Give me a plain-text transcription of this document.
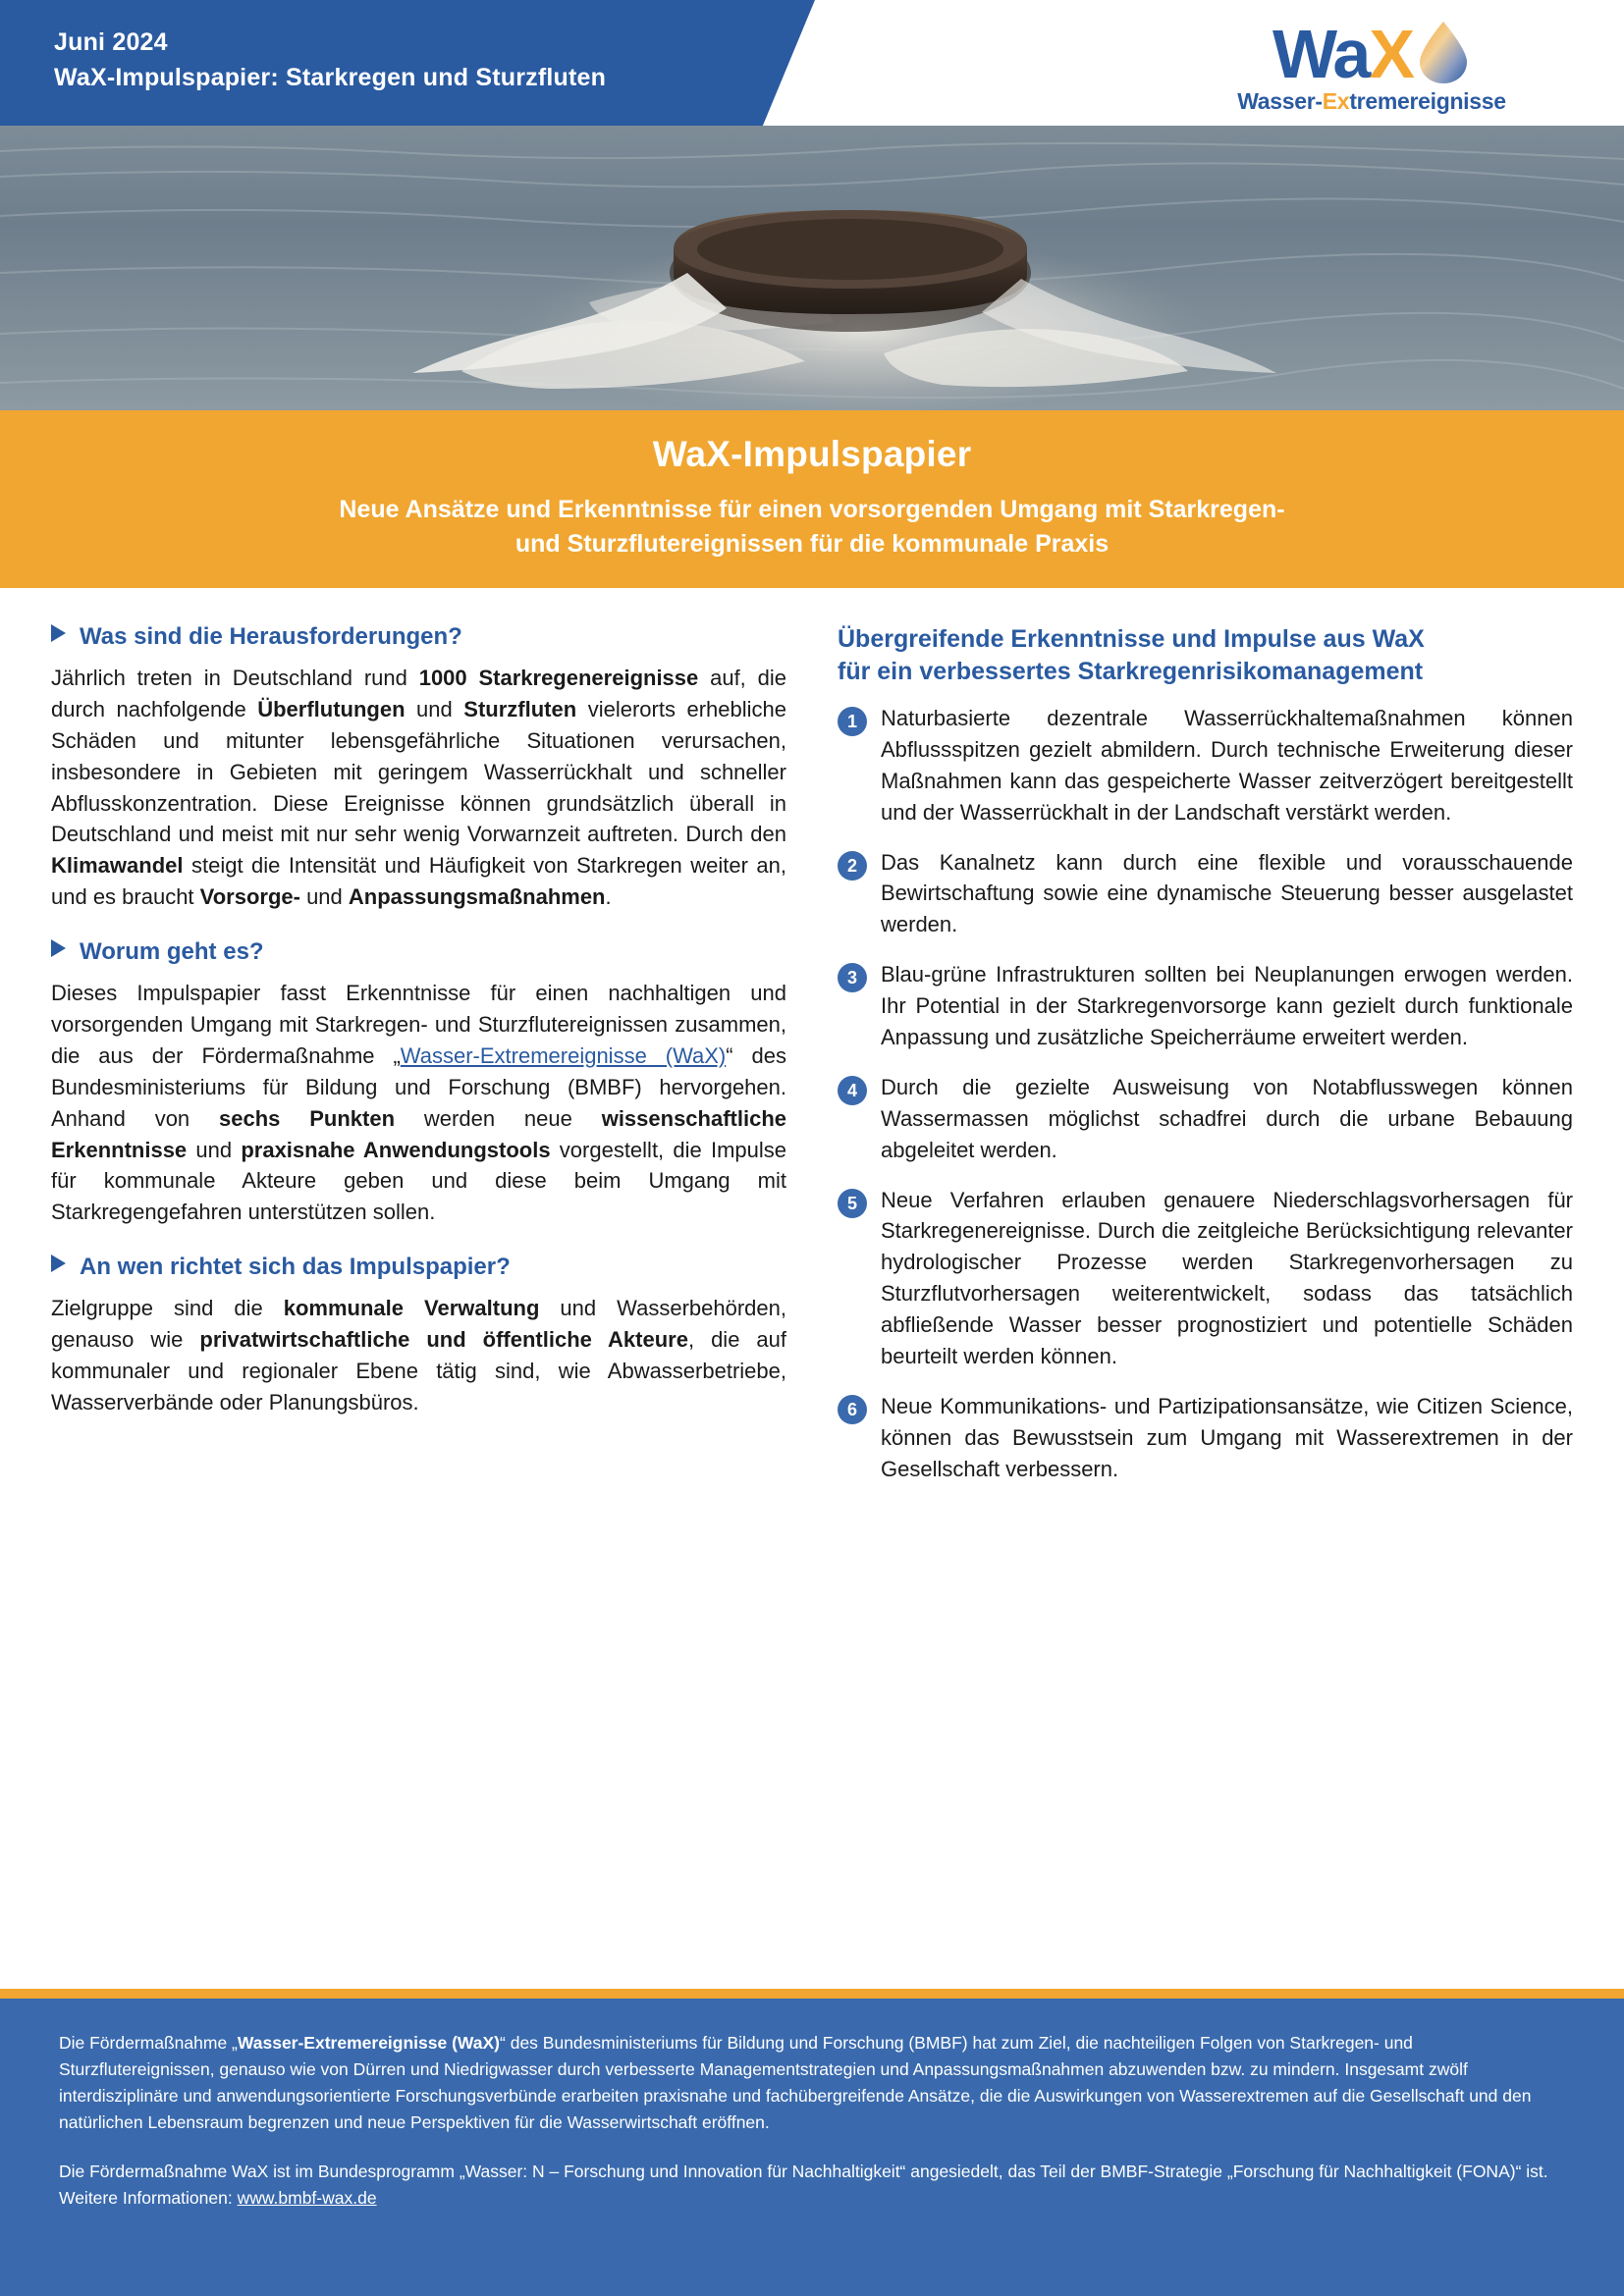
Juni 2024
WaX-Impulspapier: Starkregen und Sturzfluten	Wa X
Wasser-Extremereignisse
WaX-Impulspapier
Neue Ansätze und Erkenntnisse für einen vorsorgenden Umgang mit Starkregen-
und Sturzflutereignissen für die kommunale Praxis
Was sind die Herausforderungen?

Jährlich treten in Deutschland rund 1000 Starkregenereignisse auf, die durch nachfolgende Überflutungen und Sturzfluten vielerorts erhebliche Schäden und mitunter lebensgefährliche Situationen verursachen, insbesondere in Gebieten mit geringem Wasserrückhalt und schneller Abflusskonzentration. Diese Ereignisse können grundsätzlich überall in Deutschland und meist mit nur sehr wenig Vorwarnzeit auftreten. Durch den Klimawandel steigt die Intensität und Häufigkeit von Starkregen weiter an, und es braucht Vorsorge- und Anpassungsmaßnahmen.

Worum geht es?

Dieses Impulspapier fasst Erkenntnisse für einen nachhaltigen und vorsorgenden Umgang mit Starkregen- und Sturzflutereignissen zusammen, die aus der Fördermaßnahme „Wasser-Extremereignisse (WaX)“ des Bundesministeriums für Bildung und Forschung (BMBF) hervorgehen. Anhand von sechs Punkten werden neue wissenschaftliche Erkenntnisse und praxisnahe Anwendungstools vorgestellt, die Impulse für kommunale Akteure geben und diese beim Umgang mit Starkregengefahren unterstützen sollen.

An wen richtet sich das Impulspapier?

Zielgruppe sind die kommunale Verwaltung und Wasserbehörden, genauso wie privatwirtschaftliche und öffentliche Akteure, die auf kommunaler und regionaler Ebene tätig sind, wie Abwasserbetriebe, Wasserverbände oder Planungsbüros.

Übergreifende Erkenntnisse und Impulse aus WaX
für ein verbessertes Starkregenrisikomanagement
1	Naturbasierte dezentrale Wasserrückhaltemaßnahmen können Abflussspitzen gezielt abmildern. Durch technische Erweiterung dieser Maßnahmen kann das gespeicherte Wasser zeitverzögert bereitgestellt und der Wasserrückhalt in der Landschaft verstärkt werden.
2	Das Kanalnetz kann durch eine flexible und vorausschauende Bewirtschaftung sowie eine dynamische Steuerung besser ausgelastet werden.
3	Blau-grüne Infrastrukturen sollten bei Neuplanungen erwogen werden. Ihr Potential in der Starkregenvorsorge kann gezielt durch funktionale Anpassung und zusätzliche Speicherräume erweitert werden.
4	Durch die gezielte Ausweisung von Notabflusswegen können Wassermassen möglichst schadfrei durch die urbane Bebauung abgeleitet werden.
5	Neue Verfahren erlauben genauere Niederschlagsvorhersagen für Starkregenereignisse. Durch die zeitgleiche Berücksichtigung relevanter hydrologischer Prozesse werden Starkregenvorhersagen zu Sturzflutvorhersagen weiterentwickelt, sodass das tatsächlich abfließende Wasser besser prognostiziert und potentielle Schäden beurteilt werden können.
6	Neue Kommunikations- und Partizipationsansätze, wie Citizen Science, können das Bewusstsein zum Umgang mit Wasserextremen in der Gesellschaft verbessern.

Die Fördermaßnahme „Wasser-Extremereignisse (WaX)“ des Bundesministeriums für Bildung und Forschung (BMBF) hat zum Ziel, die nachteiligen Folgen von Starkregen- und Sturzflutereignissen, genauso wie von Dürren und Niedrigwasser durch verbesserte Managementstrategien und Anpassungsmaßnahmen abzuwenden bzw. zu mindern. Insgesamt zwölf interdisziplinäre und anwendungsorientierte Forschungsverbünde erarbeiten praxisnahe und fachübergreifende Ansätze, die die Auswirkungen von Wasserextremen auf die Gesellschaft und den natürlichen Lebensraum begrenzen und neue Perspektiven für die Wasserwirtschaft eröffnen.

Die Fördermaßnahme WaX ist im Bundesprogramm „Wasser: N – Forschung und Innovation für Nachhaltigkeit“ angesiedelt, das Teil der BMBF-Strategie „Forschung für Nachhaltigkeit (FONA)“ ist. Weitere Informationen: www.bmbf-wax.de
